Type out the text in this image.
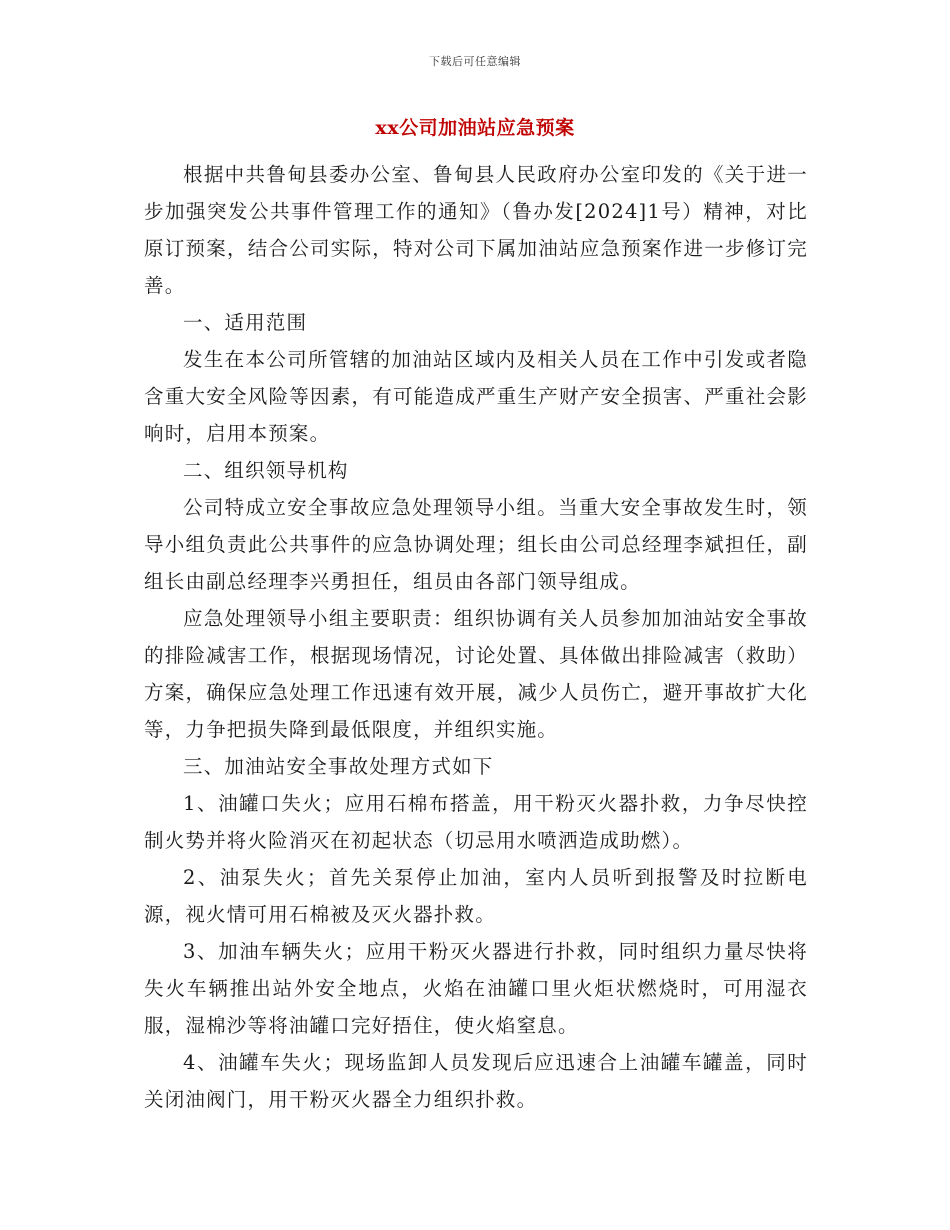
下载后可任意编辑
xx公司加油站应急预案

根据中共鲁甸县委办公室、鲁甸县人民政府办公室印发的《关于进一步加强突发公共事件管理工作的通知》（鲁办发[2024]1号）精神，对比原订预案，结合公司实际，特对公司下属加油站应急预案作进一步修订完善。

一、适用范围

发生在本公司所管辖的加油站区域内及相关人员在工作中引发或者隐含重大安全风险等因素，有可能造成严重生产财产安全损害、严重社会影响时，启用本预案。

二、组织领导机构

公司特成立安全事故应急处理领导小组。当重大安全事故发生时，领导小组负责此公共事件的应急协调处理；组长由公司总经理李斌担任，副组长由副总经理李兴勇担任，组员由各部门领导组成。

应急处理领导小组主要职责：组织协调有关人员参加加油站安全事故的排险减害工作，根据现场情况，讨论处置、具体做出排险减害（救助）方案，确保应急处理工作迅速有效开展，减少人员伤亡，避开事故扩大化等，力争把损失降到最低限度，并组织实施。

三、加油站安全事故处理方式如下

1、油罐口失火；应用石棉布搭盖，用干粉灭火器扑救，力争尽快控制火势并将火险消灭在初起状态（切忌用水喷洒造成助燃）。

2、油泵失火；首先关泵停止加油，室内人员听到报警及时拉断电源，视火情可用石棉被及灭火器扑救。

3、加油车辆失火；应用干粉灭火器进行扑救，同时组织力量尽快将失火车辆推出站外安全地点，火焰在油罐口里火炬状燃烧时，可用湿衣服，湿棉沙等将油罐口完好捂住，使火焰窒息。

4、油罐车失火；现场监卸人员发现后应迅速合上油罐车罐盖，同时关闭油阀门，用干粉灭火器全力组织扑救。
